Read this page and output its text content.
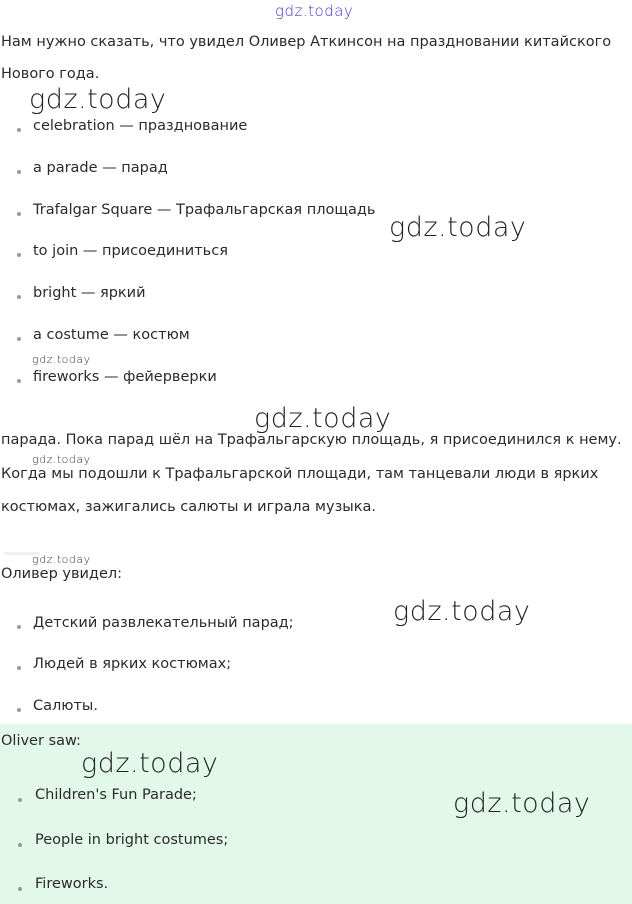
gdz.today
Нам нужно сказать, что увидел Оливер Аткинсон на праздновании китайского
Нового года.
celebration — празднование
a parade — парад
Trafalgar Square — Трафальгарская площадь
to join — присоединиться
bright — яркий
a costume — костюм
fireworks — фейерверки
парада. Пока парад шёл на Трафальгарскую площадь, я присоединился к нему.
Когда мы подошли к Трафальгарской площади, там танцевали люди в ярких
костюмах, зажигались салюты и играла музыка.
Оливер увидел:
Детский развлекательный парад;
Людей в ярких костюмах;
Салюты.
Oliver saw:
Children's Fun Parade;
People in bright costumes;
Fireworks.
gdz.today
gdz.today
gdz.today
gdz.today
gdz.today
gdz.today
gdz.today
gdz.today
gdz.today
